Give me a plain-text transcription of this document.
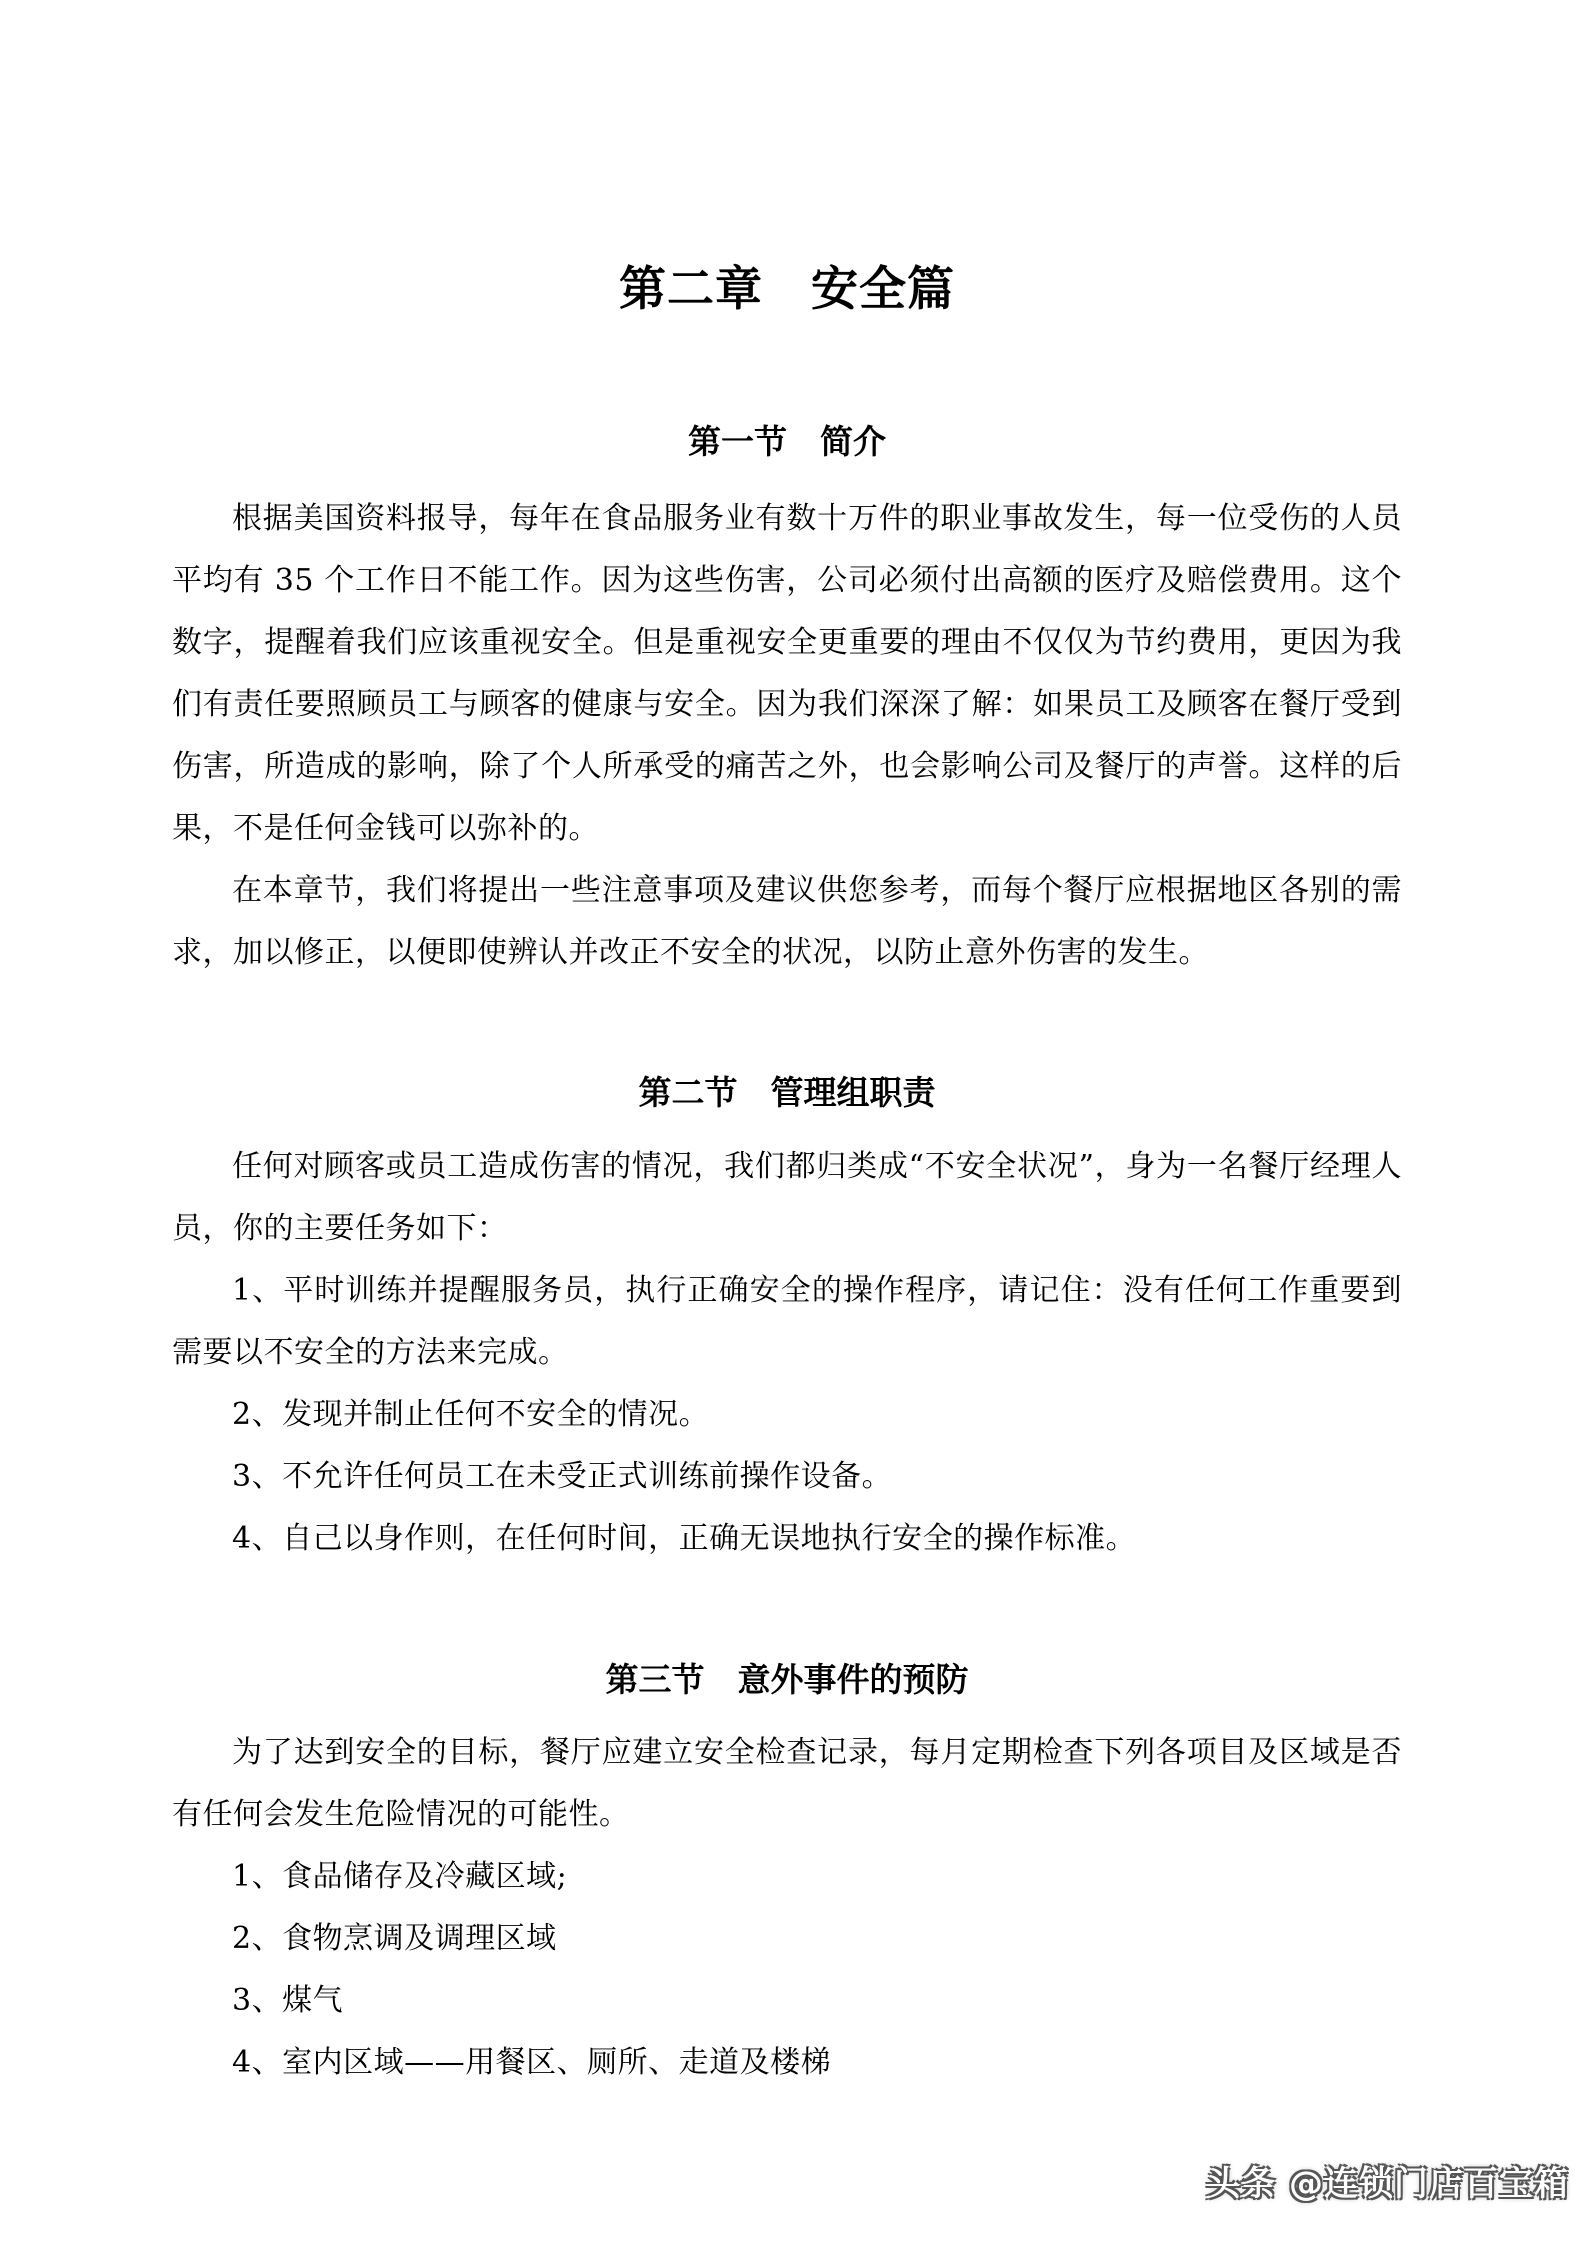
第二章　安全篇
第一节　简介

根据美国资料报导，每年在食品服务业有数十万件的职业事故发生，每一位受伤的人员平均有 35 个工作日不能工作。因为这些伤害，公司必须付出高额的医疗及赔偿费用。这个数字，提醒着我们应该重视安全。但是重视安全更重要的理由不仅仅为节约费用，更因为我们有责任要照顾员工与顾客的健康与安全。因为我们深深了解：如果员工及顾客在餐厅受到伤害，所造成的影响，除了个人所承受的痛苦之外，也会影响公司及餐厅的声誉。这样的后果，不是任何金钱可以弥补的。

在本章节，我们将提出一些注意事项及建议供您参考，而每个餐厅应根据地区各别的需求，加以修正，以便即使辨认并改正不安全的状况，以防止意外伤害的发生。

第二节　管理组职责

任何对顾客或员工造成伤害的情况，我们都归类成“不安全状况”，身为一名餐厅经理人员，你的主要任务如下：

1、平时训练并提醒服务员，执行正确安全的操作程序，请记住：没有任何工作重要到需要以不安全的方法来完成。

2、发现并制止任何不安全的情况。

3、不允许任何员工在未受正式训练前操作设备。

4、自己以身作则，在任何时间，正确无误地执行安全的操作标准。

第三节　意外事件的预防

为了达到安全的目标，餐厅应建立安全检查记录，每月定期检查下列各项目及区域是否有任何会发生危险情况的可能性。

1、食品储存及冷藏区域;

2、食物烹调及调理区域

3、煤气

4、室内区域——用餐区、厕所、走道及楼梯

头条 @连锁门店百宝箱
